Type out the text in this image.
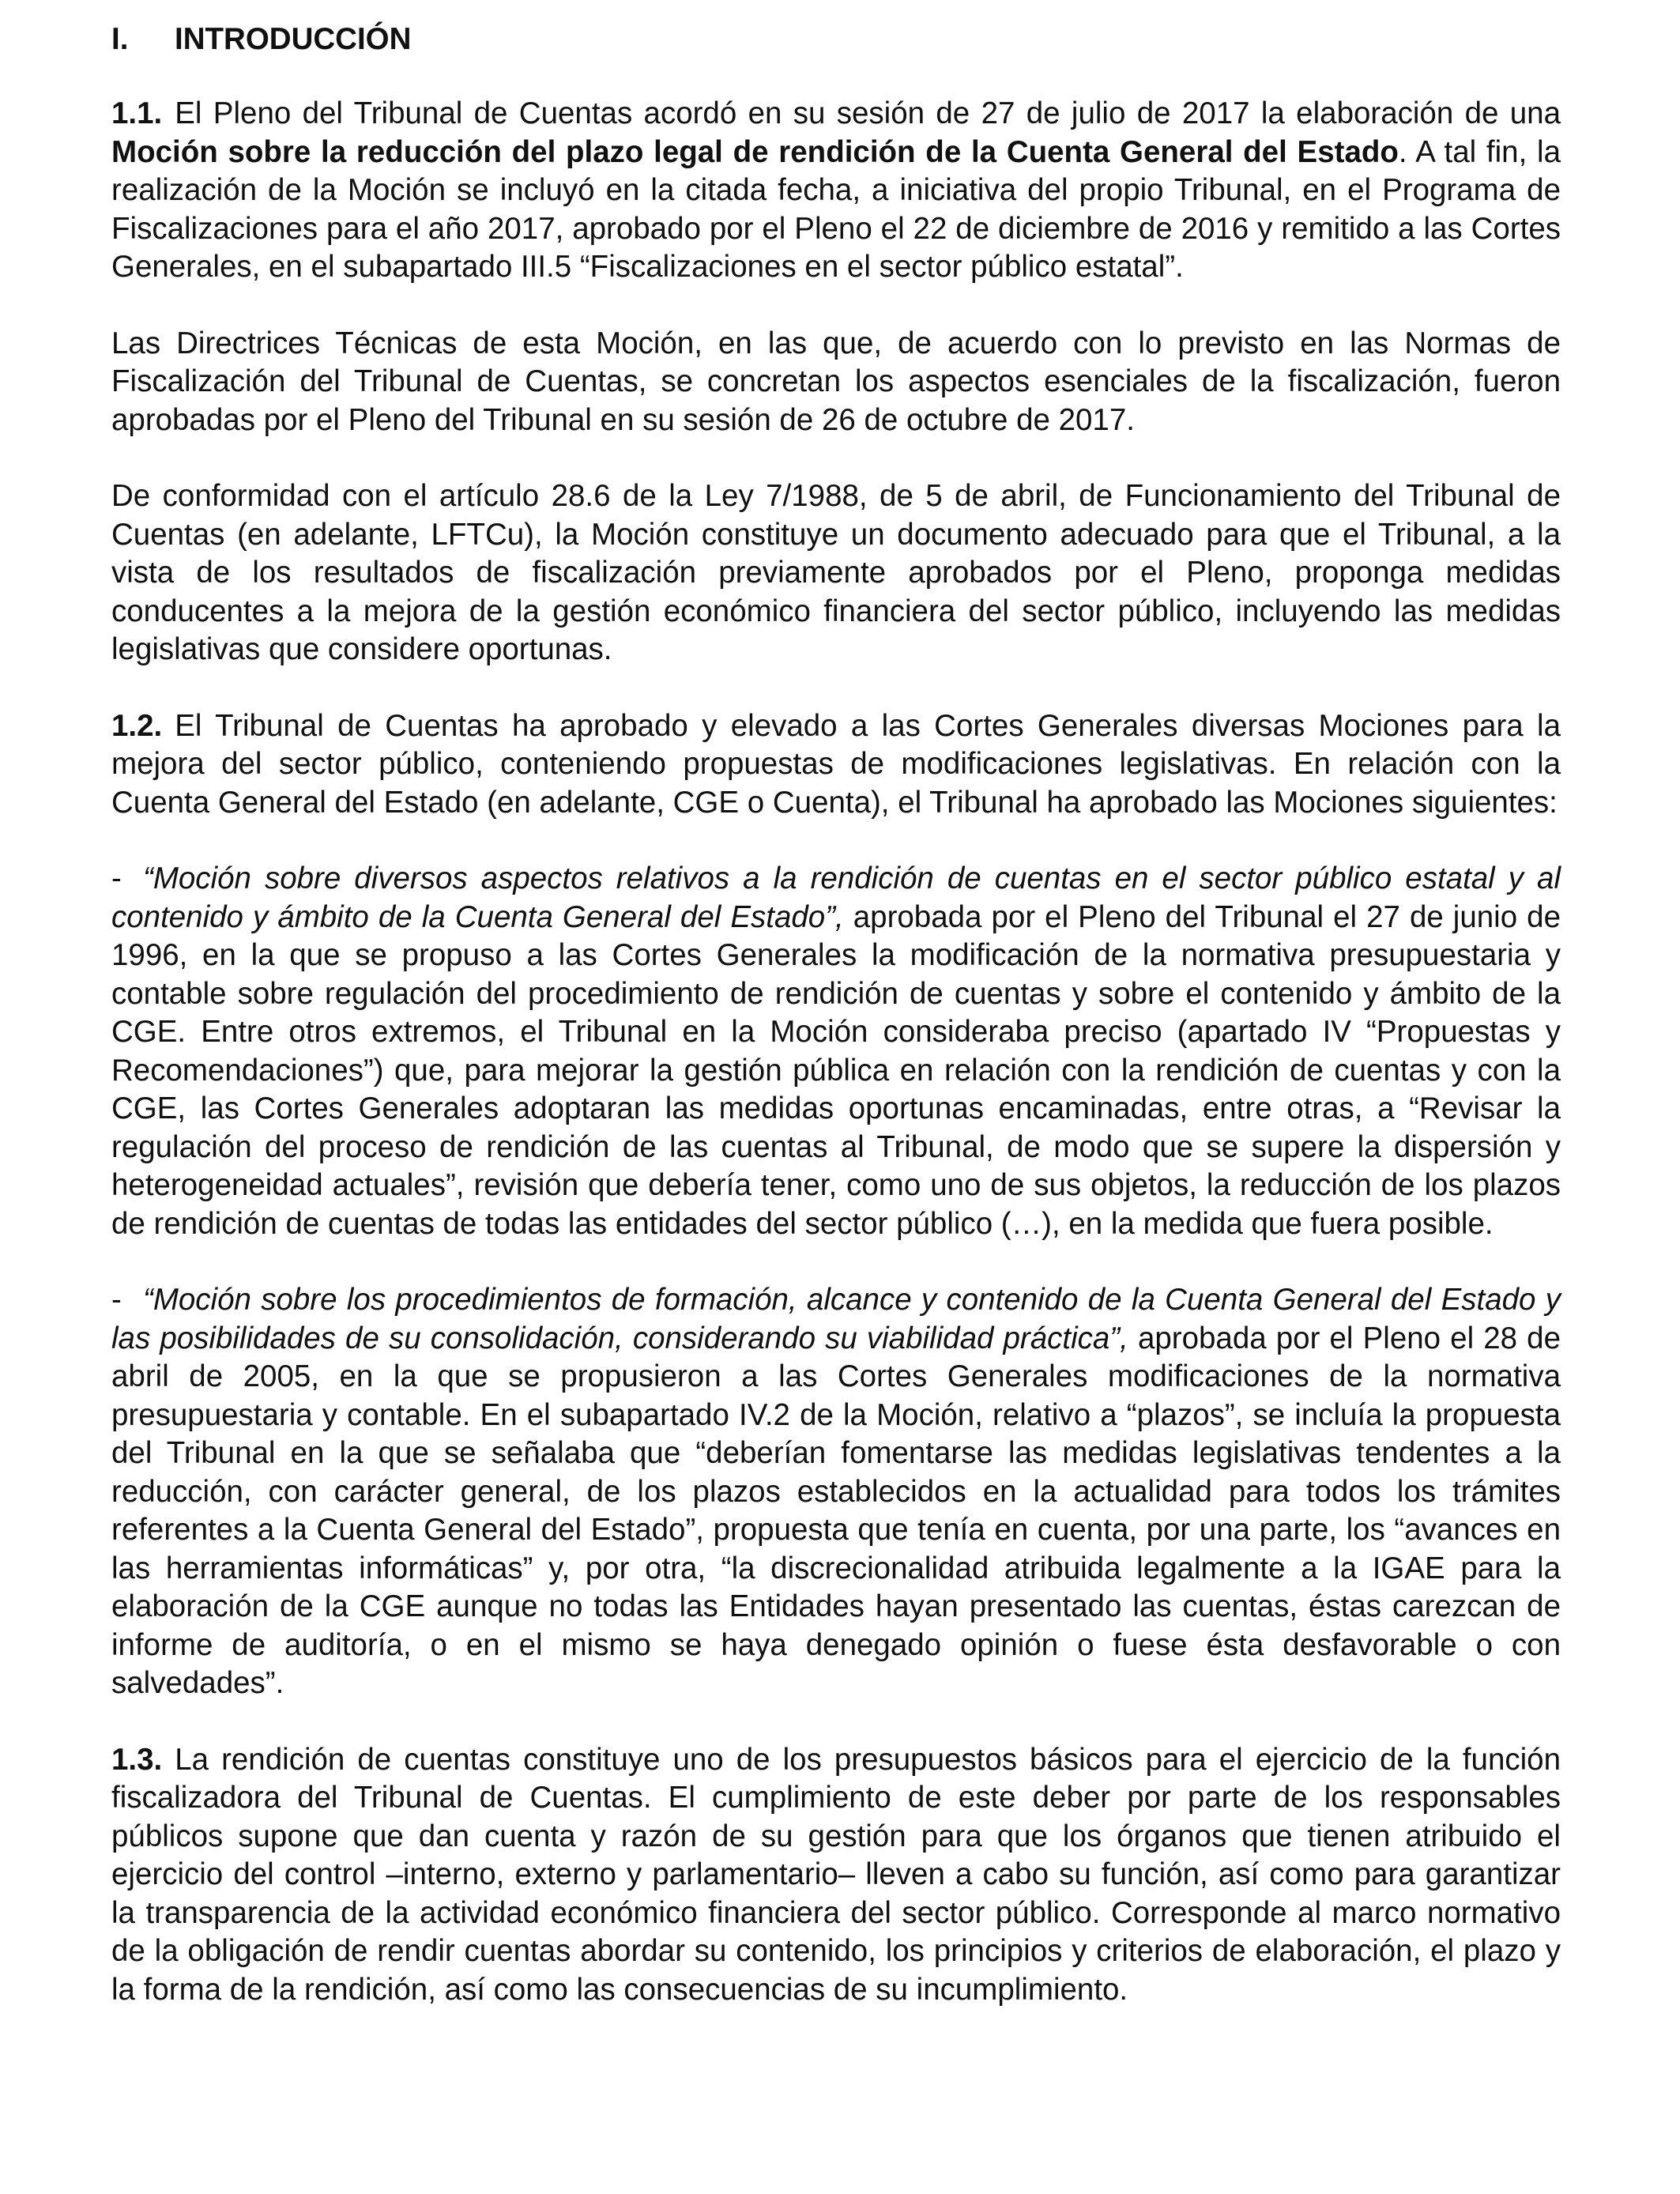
I.	INTRODUCCIÓN

1.1. El Pleno del Tribunal de Cuentas acordó en su sesión de 27 de julio de 2017 la elaboración de una Moción sobre la reducción del plazo legal de rendición de la Cuenta General del Estado. A tal fin, la realización de la Moción se incluyó en la citada fecha, a iniciativa del propio Tribunal, en el Programa de Fiscalizaciones para el año 2017, aprobado por el Pleno el 22 de diciembre de 2016 y remitido a las Cortes Generales, en el subapartado III.5 “Fiscalizaciones en el sector público estatal”.

Las Directrices Técnicas de esta Moción, en las que, de acuerdo con lo previsto en las Normas de Fiscalización del Tribunal de Cuentas, se concretan los aspectos esenciales de la fiscalización, fueron aprobadas por el Pleno del Tribunal en su sesión de 26 de octubre de 2017.

De conformidad con el artículo 28.6 de la Ley 7/1988, de 5 de abril, de Funcionamiento del Tribunal de Cuentas (en adelante, LFTCu), la Moción constituye un documento adecuado para que el Tribunal, a la vista de los resultados de fiscalización previamente aprobados por el Pleno, proponga medidas conducentes a la mejora de la gestión económico financiera del sector público, incluyendo las medidas legislativas que considere oportunas.

1.2. El Tribunal de Cuentas ha aprobado y elevado a las Cortes Generales diversas Mociones para la mejora del sector público, conteniendo propuestas de modificaciones legislativas. En relación con la Cuenta General del Estado (en adelante, CGE o Cuenta), el Tribunal ha aprobado las Mociones siguientes:

- “Moción sobre diversos aspectos relativos a la rendición de cuentas en el sector público estatal y al contenido y ámbito de la Cuenta General del Estado”, aprobada por el Pleno del Tribunal el 27 de junio de 1996, en la que se propuso a las Cortes Generales la modificación de la normativa presupuestaria y contable sobre regulación del procedimiento de rendición de cuentas y sobre el contenido y ámbito de la CGE. Entre otros extremos, el Tribunal en la Moción consideraba preciso (apartado IV “Propuestas y Recomendaciones”) que, para mejorar la gestión pública en relación con la rendición de cuentas y con la CGE, las Cortes Generales adoptaran las medidas oportunas encaminadas, entre otras, a “Revisar la regulación del proceso de rendición de las cuentas al Tribunal, de modo que se supere la dispersión y heterogeneidad actuales”, revisión que debería tener, como uno de sus objetos, la reducción de los plazos de rendición de cuentas de todas las entidades del sector público (…), en la medida que fuera posible.

- “Moción sobre los procedimientos de formación, alcance y contenido de la Cuenta General del Estado y las posibilidades de su consolidación, considerando su viabilidad práctica”, aprobada por el Pleno el 28 de abril de 2005, en la que se propusieron a las Cortes Generales modificaciones de la normativa presupuestaria y contable. En el subapartado IV.2 de la Moción, relativo a “plazos”, se incluía la propuesta del Tribunal en la que se señalaba que “deberían fomentarse las medidas legislativas tendentes a la reducción, con carácter general, de los plazos establecidos en la actualidad para todos los trámites referentes a la Cuenta General del Estado”, propuesta que tenía en cuenta, por una parte, los “avances en las herramientas informáticas” y, por otra, “la discrecionalidad atribuida legalmente a la IGAE para la elaboración de la CGE aunque no todas las Entidades hayan presentado las cuentas, éstas carezcan de informe de auditoría, o en el mismo se haya denegado opinión o fuese ésta desfavorable o con salvedades”.

1.3. La rendición de cuentas constituye uno de los presupuestos básicos para el ejercicio de la función fiscalizadora del Tribunal de Cuentas. El cumplimiento de este deber por parte de los responsables públicos supone que dan cuenta y razón de su gestión para que los órganos que tienen atribuido el ejercicio del control –interno, externo y parlamentario– lleven a cabo su función, así como para garantizar la transparencia de la actividad económico financiera del sector público. Corresponde al marco normativo de la obligación de rendir cuentas abordar su contenido, los principios y criterios de elaboración, el plazo y la forma de la rendición, así como las consecuencias de su incumplimiento.
